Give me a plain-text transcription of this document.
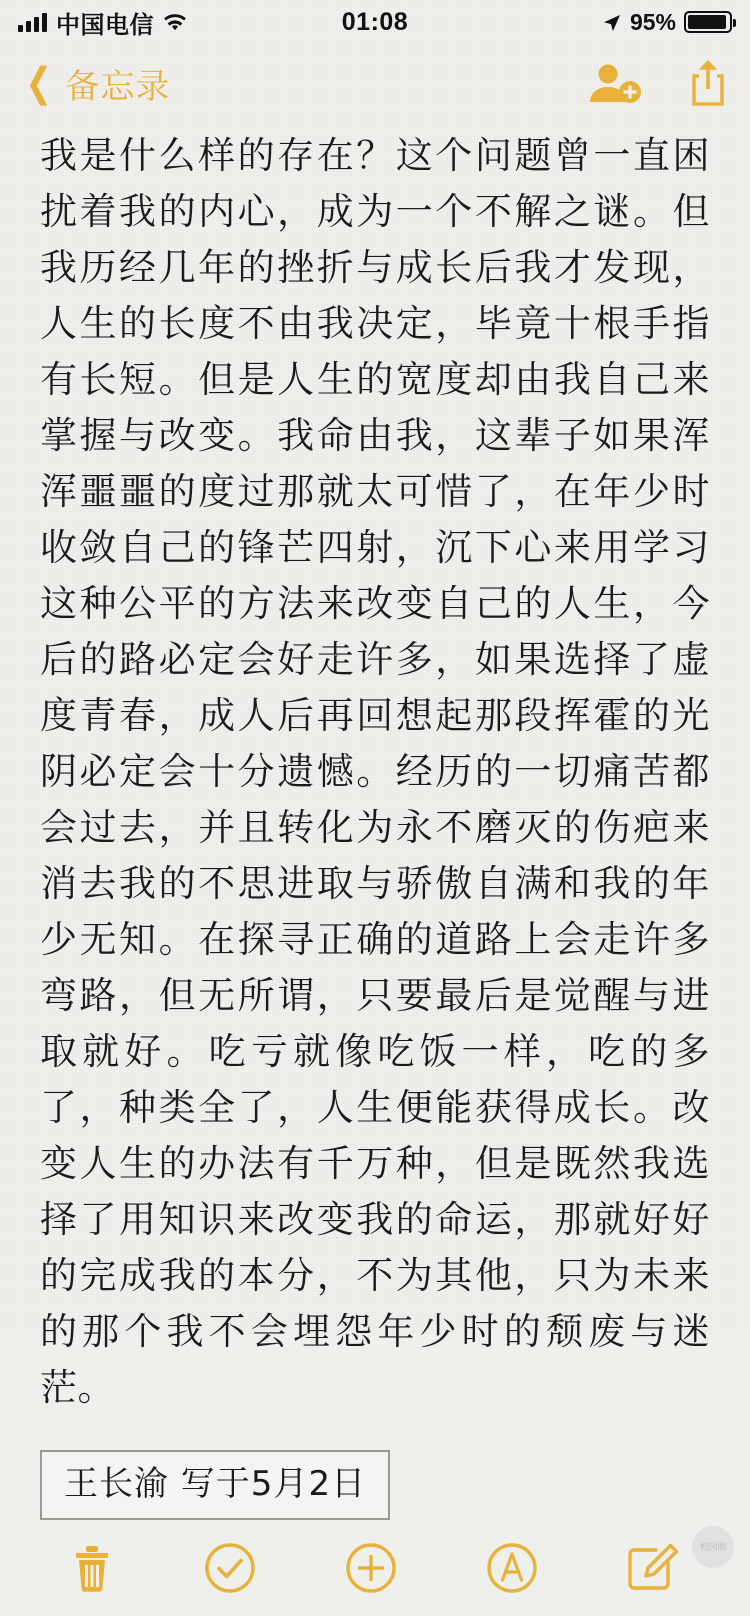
中国电信	01:08	95%
❮ 备忘录
我是什么样的存在？这个问题曾一直困扰着我的内心，成为一个不解之谜。但我历经几年的挫折与成长后我才发现，人生的长度不由我决定，毕竟十根手指有长短。但是人生的宽度却由我自己来掌握与改变。我命由我，这辈子如果浑浑噩噩的度过那就太可惜了，在年少时收敛自己的锋芒四射，沉下心来用学习这种公平的方法来改变自己的人生，今后的路必定会好走许多，如果选择了虚度青春，成人后再回想起那段挥霍的光阴必定会十分遗憾。经历的一切痛苦都会过去，并且转化为永不磨灭的伤疤来消去我的不思进取与骄傲自满和我的年少无知。在探寻正确的道路上会走许多弯路，但无所谓，只要最后是觉醒与进取就好。吃亏就像吃饭一样，吃的多了，种类全了，人生便能获得成长。改变人生的办法有千万种，但是既然我选择了用知识来改变我的命运，那就好好的完成我的本分，不为其他，只为未来的那个我不会埋怨年少时的颓废与迷茫。
王长渝 写于5月2日
校园圈
